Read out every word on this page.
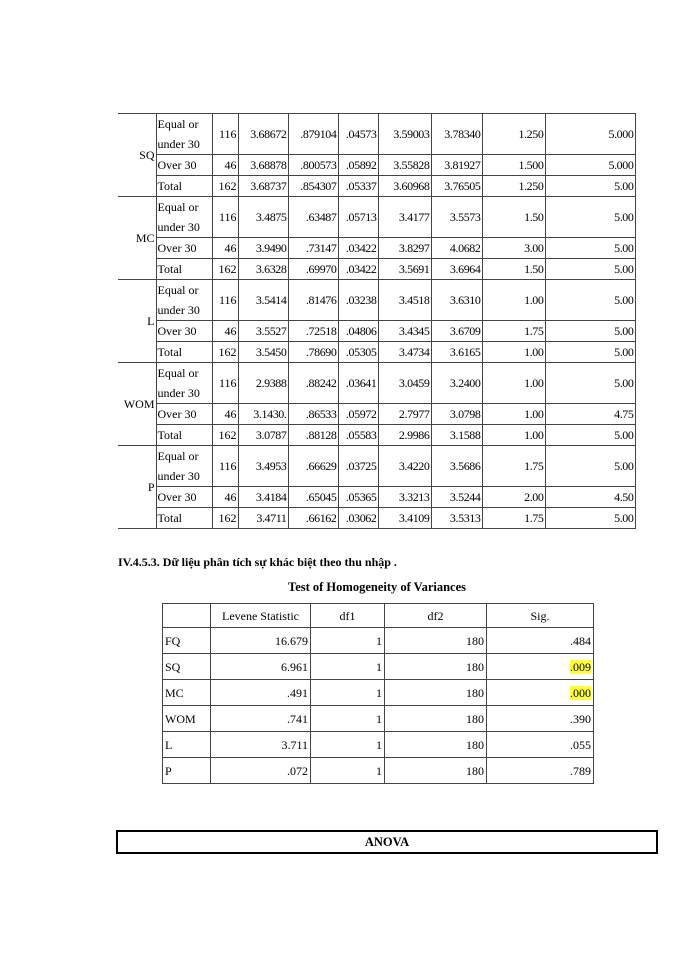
SQ	Equal or under 30	116	3.68672	.879104	.04573	3.59003	3.78340	1.250	5.000
	Over 30	46	3.68878	.800573	.05892	3.55828	3.81927	1.500	5.000
	Total	162	3.68737	.854307	.05337	3.60968	3.76505	1.250	5.00
MC	Equal or under 30	116	3.4875	.63487	.05713	3.4177	3.5573	1.50	5.00
	Over 30	46	3.9490	.73147	.03422	3.8297	4.0682	3.00	5.00
	Total	162	3.6328	.69970	.03422	3.5691	3.6964	1.50	5.00
L	Equal or under 30	116	3.5414	.81476	.03238	3.4518	3.6310	1.00	5.00
	Over 30	46	3.5527	.72518	.04806	3.4345	3.6709	1.75	5.00
	Total	162	3.5450	.78690	.05305	3.4734	3.6165	1.00	5.00
WOM	Equal or under 30	116	2.9388	.88242	.03641	3.0459	3.2400	1.00	5.00
	Over 30	46	3.1430.	.86533	.05972	2.7977	3.0798	1.00	4.75
	Total	162	3.0787	.88128	.05583	2.9986	3.1588	1.00	5.00
P	Equal or under 30	116	3.4953	.66629	.03725	3.4220	3.5686	1.75	5.00
	Over 30	46	3.4184	.65045	.05365	3.3213	3.5244	2.00	4.50
	Total	162	3.4711	.66162	.03062	3.4109	3.5313	1.75	5.00
IV.4.5.3. Dữ liệu phân tích sự khác biệt theo thu nhập .
Test of Homogeneity of Variances
	Levene Statistic	df1	df2	Sig.
FQ	16.679	1	180	.484
SQ	6.961	1	180	.009
MC	.491	1	180	.000
WOM	.741	1	180	.390
L	3.711	1	180	.055
P	.072	1	180	.789
ANOVA
